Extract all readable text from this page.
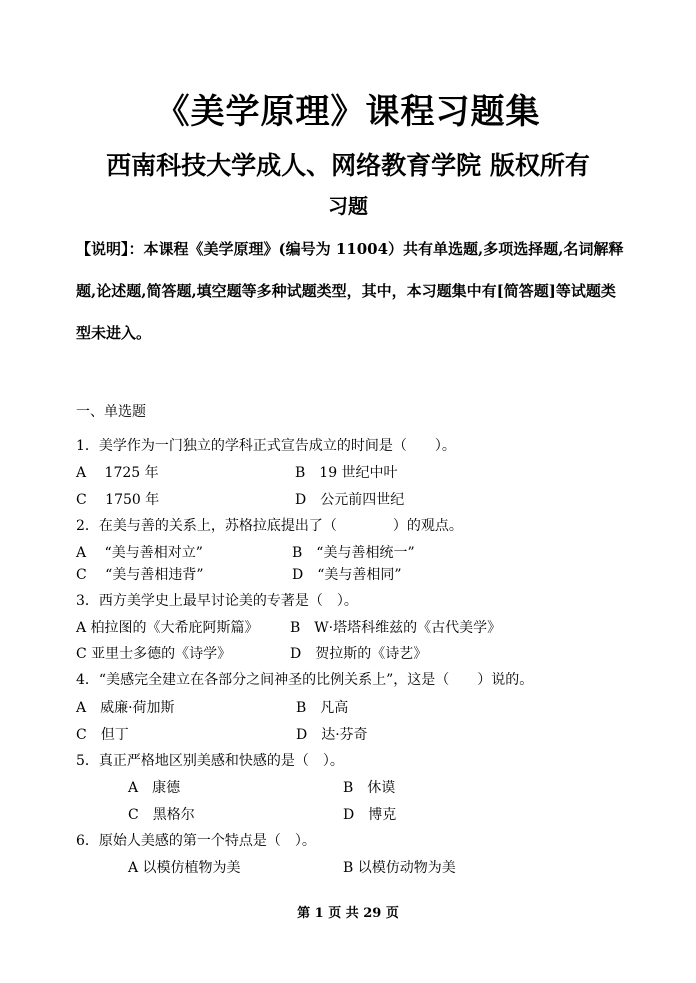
《美学原理》课程习题集
西南科技大学成人、网络教育学院 版权所有
习题
【说明】：本课程《美学原理》(编号为 11004）共有单选题,多项选择题,名词解释题,论述题,简答题,填空题等多种试题类型，其中，本习题集中有[简答题]等试题类型未进入。
一、单选题
1．美学作为一门独立的学科正式宣告成立的时间是（　　）。
A　 1725 年	B　19 世纪中叶
C　 1750 年	D　公元前四世纪
2．在美与善的关系上，苏格拉底提出了（　　　　）的观点。
A　 “美与善相对立”	B　“美与善相统一”
C　 “美与善相违背”	D　“美与善相同”
3．西方美学史上最早讨论美的专著是（　）。
A 柏拉图的《大希庇阿斯篇》 B　W·塔塔科维兹的《古代美学》
C 亚里士多德的《诗学》	D　贺拉斯的《诗艺》
4．“美感完全建立在各部分之间神圣的比例关系上”，这是（　　）说的。
A　威廉·荷加斯	B　凡高
C　但丁	D　达·芬奇
5．真正严格地区别美感和快感的是（　）。
A　康德	B　休谟
C　黑格尔	D　博克
6．原始人美感的第一个特点是（　）。
A 以模仿植物为美	B 以模仿动物为美
第 1 页 共 29 页
